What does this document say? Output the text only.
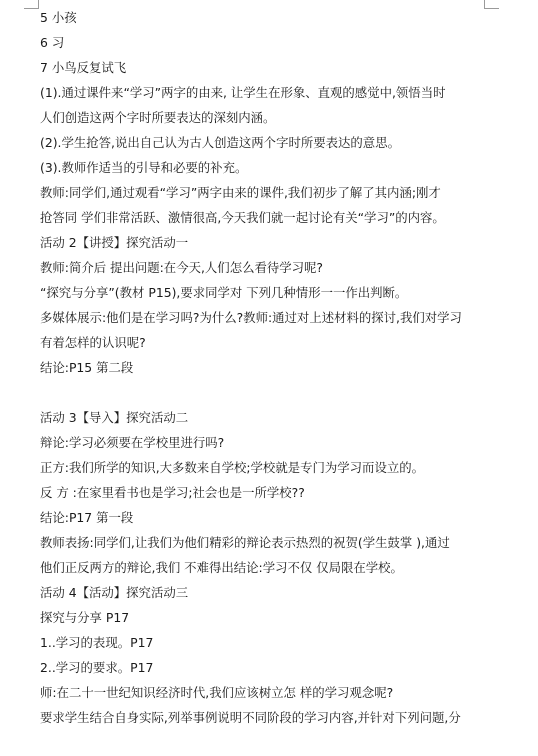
5 小孩
6 习
7 小鸟反复试飞
(1).通过课件来“学习”两字的由来, 让学生在形象、直观的感觉中,领悟当时
人们创造这两个字时所要表达的深刻内涵。
(2).学生抢答,说出自己认为古人创造这两个字时所要表达的意思。
(3).教师作适当的引导和必要的补充。
教师:同学们,通过观看“学习”两字由来的课件,我们初步了解了其内涵;刚才
抢答同 学们非常活跃、激情很高,今天我们就一起讨论有关“学习”的内容。
活动 2【讲授】探究活动一
教师:简介后 提出问题:在今天,人们怎么看待学习呢?
“探究与分享”(教材 P15),要求同学对 下列几种情形一一作出判断。
多媒体展示:他们是在学习吗?为什么?教师:通过对上述材料的探讨,我们对学习
有着怎样的认识呢?
结论:P15 第二段
活动 3【导入】探究活动二
辩论:学习必须要在学校里进行吗?
正方:我们所学的知识,大多数来自学校;学校就是专门为学习而设立的。
反 方 :在家里看书也是学习;社会也是一所学校??
结论:P17 第一段
教师表扬:同学们,让我们为他们精彩的辩论表示热烈的祝贺(学生鼓掌 ),通过
他们正反两方的辩论,我们 不难得出结论:学习不仅 仅局限在学校。
活动 4【活动】探究活动三
探究与分享 P17
1..学习的表现。P17
2..学习的要求。P17
师:在二十一世纪知识经济时代,我们应该树立怎 样的学习观念呢?
要求学生结合自身实际,列举事例说明不同阶段的学习内容,并针对下列问题,分
